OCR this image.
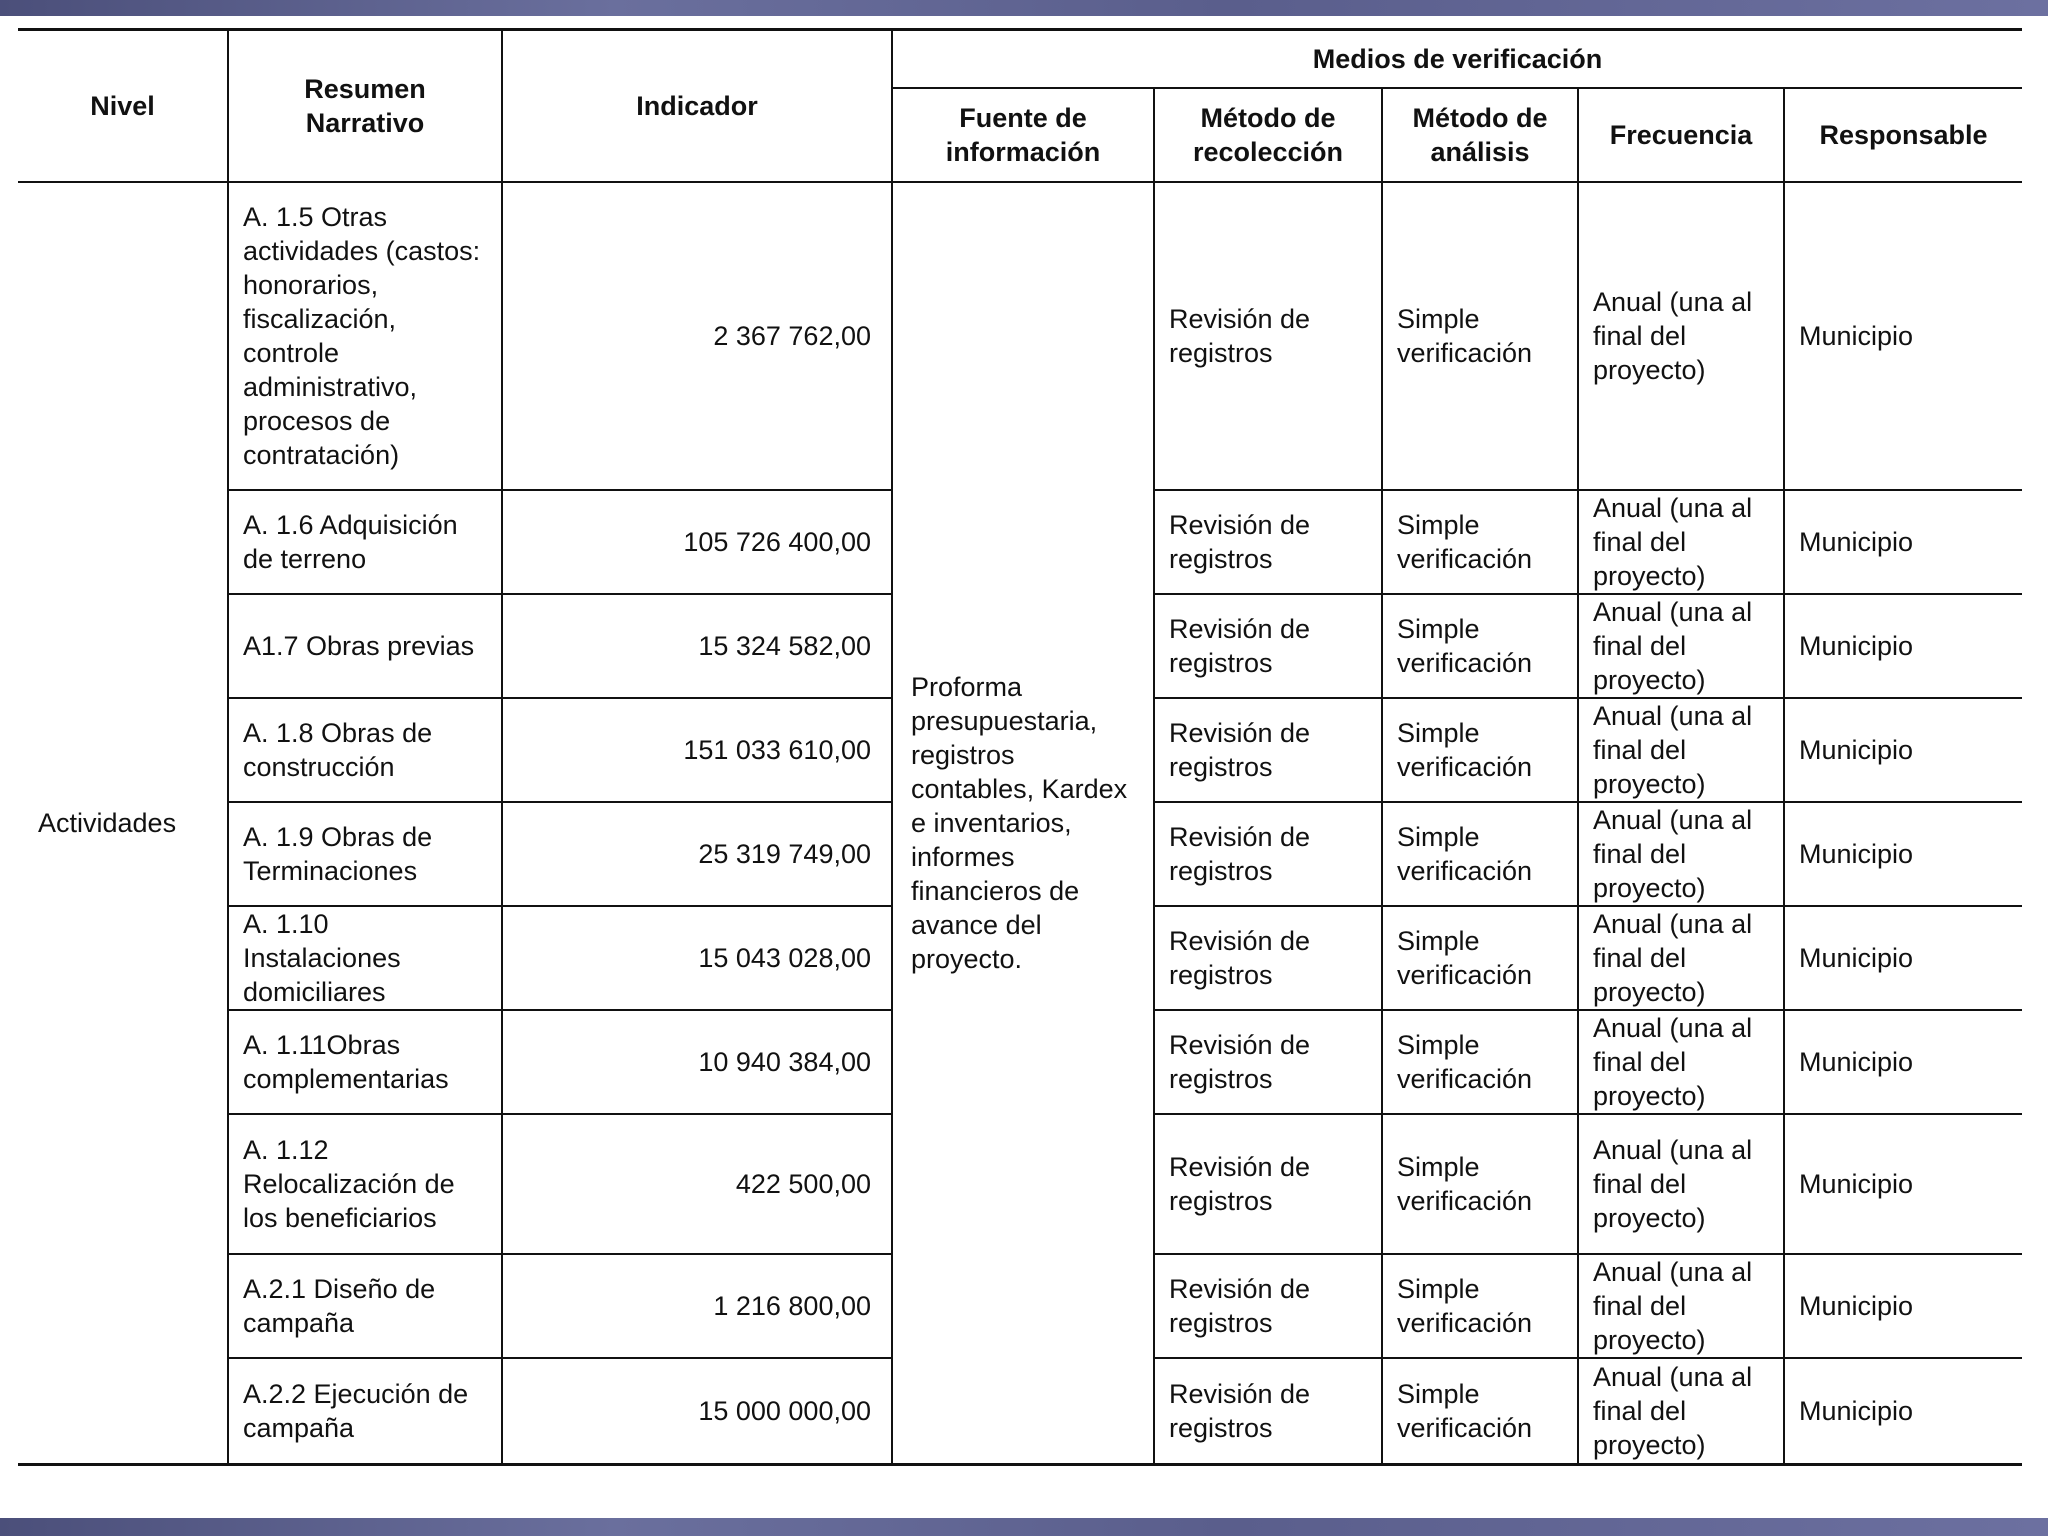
Nivel	Resumen Narrativo	Indicador	Medios de verificación				
			Fuente de información	Método de recolección	Método de análisis	Frecuencia	Responsable
Actividades	A. 1.5 Otras actividades (castos: honorarios, fiscalización, controle administrativo, procesos de contratación)	2 367 762,00	Proforma presupuestaria, registros contables, Kardex e inventarios, informes financieros de avance del proyecto.	Revisión de registros	Simple verificación	Anual (una al final del proyecto)	Municipio
	A. 1.6 Adquisición de terreno	105 726 400,00		Revisión de registros	Simple verificación	Anual (una al final del proyecto)	Municipio
	A1.7 Obras previas	15 324 582,00		Revisión de registros	Simple verificación	Anual (una al final del proyecto)	Municipio
	A. 1.8 Obras de construcción	151 033 610,00		Revisión de registros	Simple verificación	Anual (una al final del proyecto)	Municipio
	A. 1.9 Obras de Terminaciones	25 319 749,00		Revisión de registros	Simple verificación	Anual (una al final del proyecto)	Municipio
	A. 1.10 Instalaciones domiciliares	15 043 028,00		Revisión de registros	Simple verificación	Anual (una al final del proyecto)	Municipio
	A. 1.11Obras complementarias	10 940 384,00		Revisión de registros	Simple verificación	Anual (una al final del proyecto)	Municipio
	A. 1.12 Relocalización de los beneficiarios	422 500,00		Revisión de registros	Simple verificación	Anual (una al final del proyecto)	Municipio
	A.2.1 Diseño de campaña	1 216 800,00		Revisión de registros	Simple verificación	Anual (una al final del proyecto)	Municipio
	A.2.2 Ejecución de campaña	15 000 000,00		Revisión de registros	Simple verificación	Anual (una al final del proyecto)	Municipio
